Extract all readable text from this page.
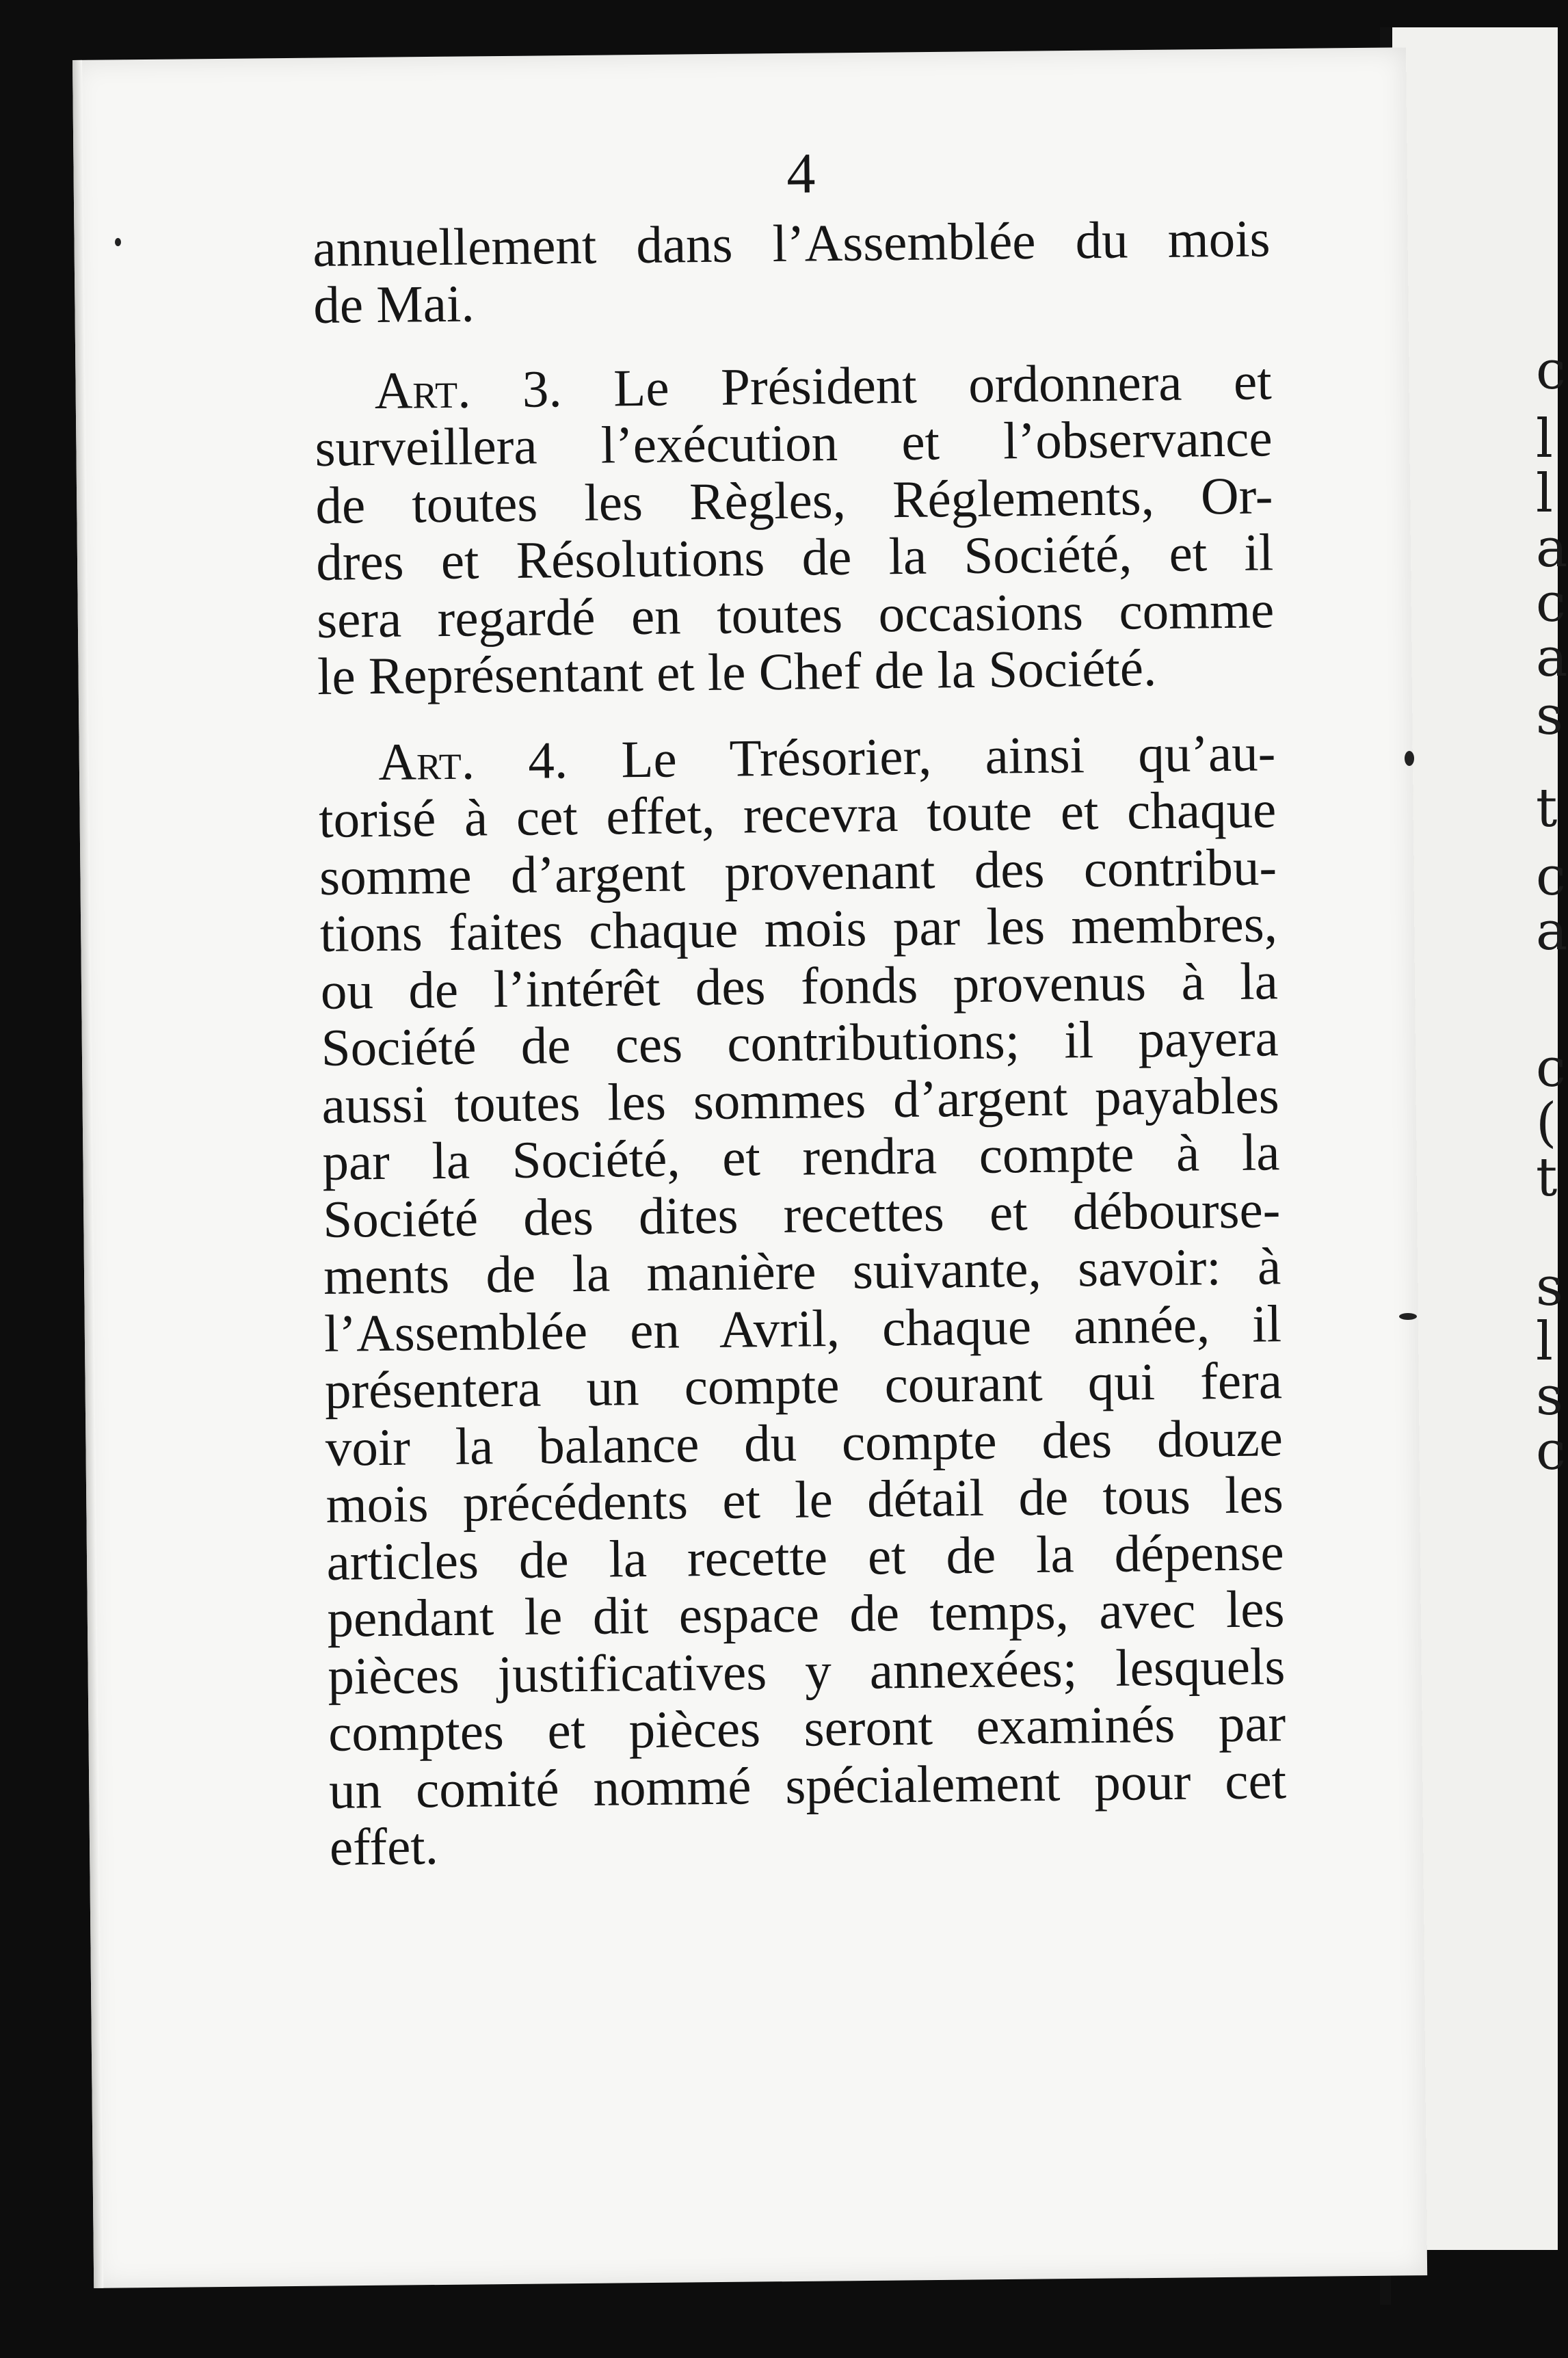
c
l
l
a
c
a
s
t
c
a
c
(
t
s
l
s
c
4
annuellement dans l’Assemblée du mois
de Mai.
Art. 3. Le Président ordonnera et
surveillera l’exécution et l’observance
de toutes les Règles, Réglements, Or-
dres et Résolutions de la Société, et il
sera regardé en toutes occasions comme
le Représentant et le Chef de la Société.
Art. 4. Le Trésorier, ainsi qu’au-
torisé à cet effet, recevra toute et chaque
somme d’argent provenant des contribu-
tions faites chaque mois par les membres,
ou de l’intérêt des fonds provenus à la
Société de ces contributions; il payera
aussi toutes les sommes d’argent payables
par la Société, et rendra compte à la
Société des dites recettes et débourse-
ments de la manière suivante, savoir: à
l’Assemblée en Avril, chaque année, il
présentera un compte courant qui fera
voir la balance du compte des douze
mois précédents et le détail de tous les
articles de la recette et de la dépense
pendant le dit espace de temps, avec les
pièces justificatives y annexées; lesquels
comptes et pièces seront examinés par
un comité nommé spécialement pour cet
effet.
